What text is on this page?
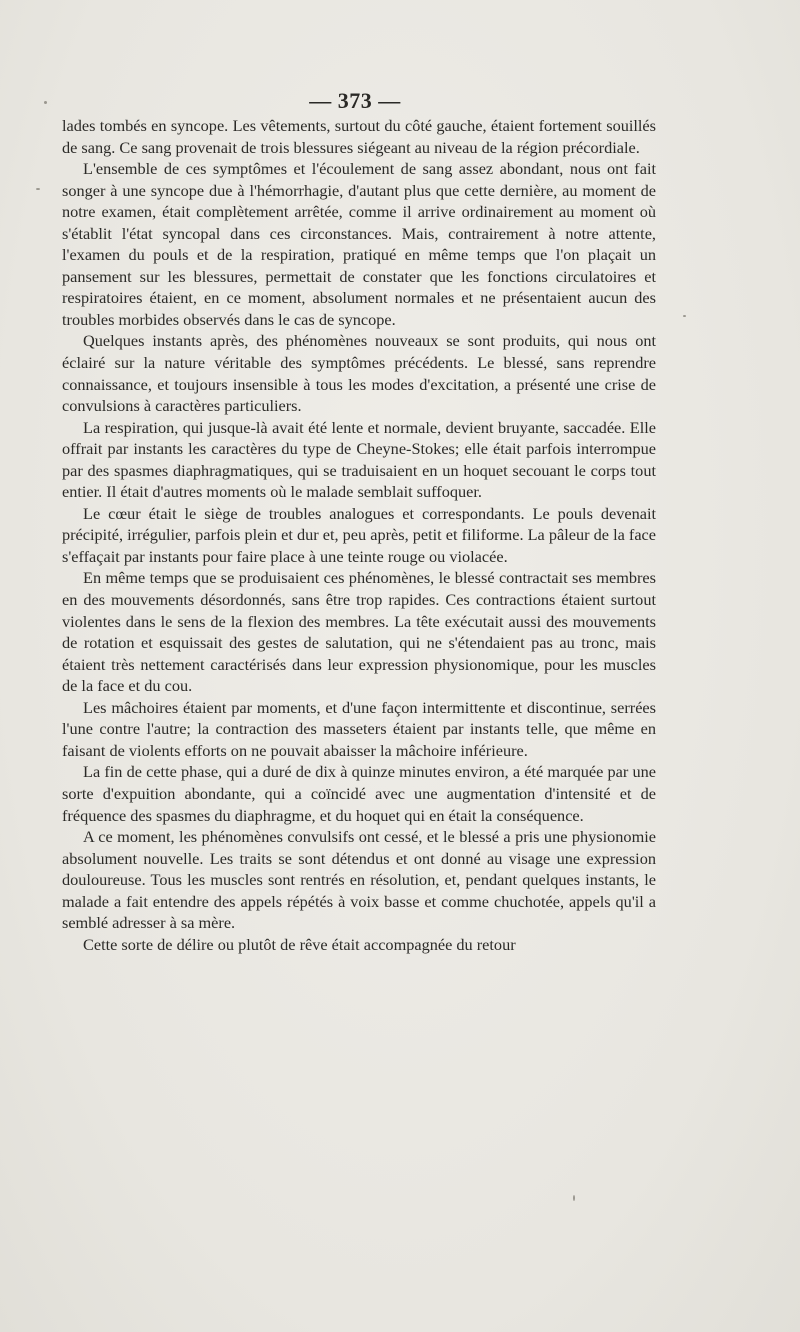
— 373 —

lades tombés en syncope. Les vêtements, surtout du côté gauche, étaient fortement souillés de sang. Ce sang provenait de trois blessures siégeant au niveau de la région précordiale.

L'ensemble de ces symptômes et l'écoulement de sang assez abondant, nous ont fait songer à une syncope due à l'hémorrhagie, d'autant plus que cette dernière, au moment de notre examen, était complètement arrêtée, comme il arrive ordinairement au moment où s'établit l'état syncopal dans ces circonstances. Mais, contrairement à notre attente, l'examen du pouls et de la respiration, pratiqué en même temps que l'on plaçait un pansement sur les blessures, permettait de constater que les fonctions circulatoires et respiratoires étaient, en ce moment, absolument normales et ne présentaient aucun des troubles morbides observés dans le cas de syncope.

Quelques instants après, des phénomènes nouveaux se sont produits, qui nous ont éclairé sur la nature véritable des symptômes précédents. Le blessé, sans reprendre connaissance, et toujours insensible à tous les modes d'excitation, a présenté une crise de convulsions à caractères particuliers.

La respiration, qui jusque-là avait été lente et normale, devient bruyante, saccadée. Elle offrait par instants les caractères du type de Cheyne-Stokes; elle était parfois interrompue par des spasmes diaphragmatiques, qui se traduisaient en un hoquet secouant le corps tout entier. Il était d'autres moments où le malade semblait suffoquer.

Le cœur était le siège de troubles analogues et correspondants. Le pouls devenait précipité, irrégulier, parfois plein et dur et, peu après, petit et filiforme. La pâleur de la face s'effaçait par instants pour faire place à une teinte rouge ou violacée.

En même temps que se produisaient ces phénomènes, le blessé contractait ses membres en des mouvements désordonnés, sans être trop rapides. Ces contractions étaient surtout violentes dans le sens de la flexion des membres. La tête exécutait aussi des mouvements de rotation et esquissait des gestes de salutation, qui ne s'étendaient pas au tronc, mais étaient très nettement caractérisés dans leur expression physionomique, pour les muscles de la face et du cou.

Les mâchoires étaient par moments, et d'une façon intermittente et discontinue, serrées l'une contre l'autre; la contraction des masseters étaient par instants telle, que même en faisant de violents efforts on ne pouvait abaisser la mâchoire inférieure.

La fin de cette phase, qui a duré de dix à quinze minutes environ, a été marquée par une sorte d'expuition abondante, qui a coïncidé avec une augmentation d'intensité et de fréquence des spasmes du diaphragme, et du hoquet qui en était la conséquence.

A ce moment, les phénomènes convulsifs ont cessé, et le blessé a pris une physionomie absolument nouvelle. Les traits se sont détendus et ont donné au visage une expression douloureuse. Tous les muscles sont rentrés en résolution, et, pendant quelques instants, le malade a fait entendre des appels répétés à voix basse et comme chuchotée, appels qu'il a semblé adresser à sa mère.

Cette sorte de délire ou plutôt de rêve était accompagnée du retour
